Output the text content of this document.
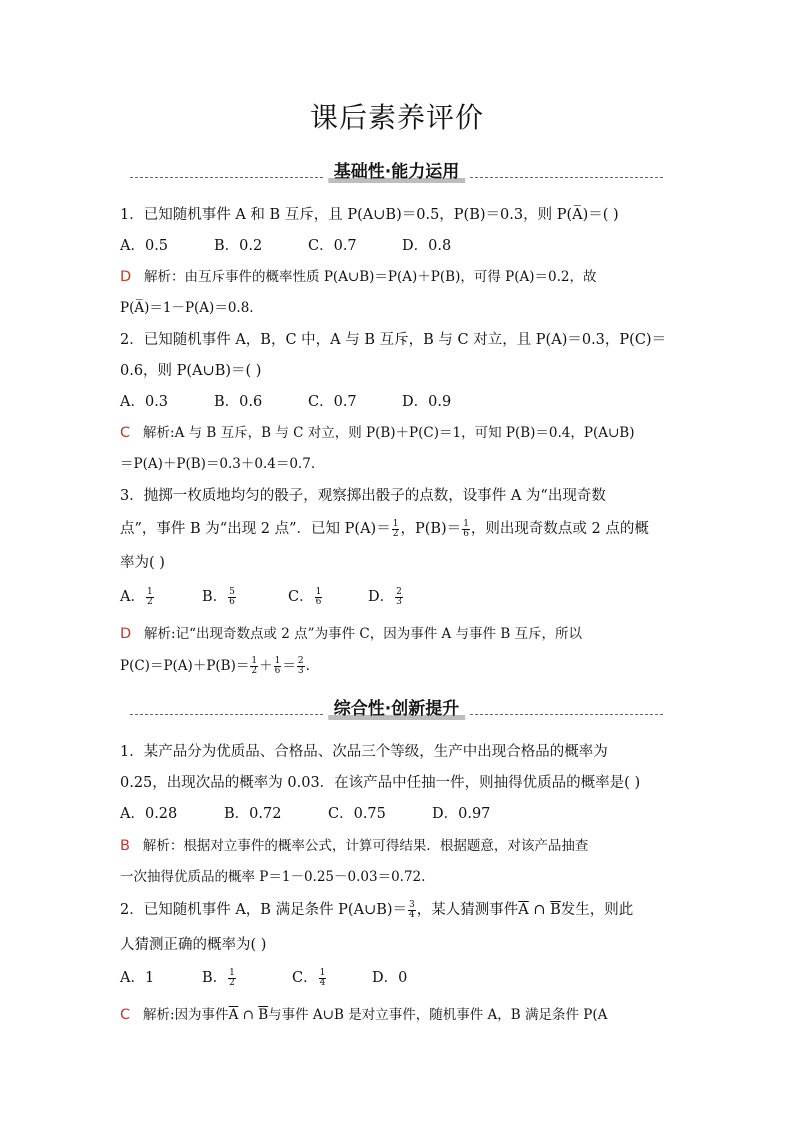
课后素养评价
基础性·能力运用
1．已知随机事件 A 和 B 互斥，且 P(A∪B)＝0.5，P(B)＝0.3，则 P(A̅)＝( )
A．0.5	B．0.2	C．0.7	D．0.8
D 解析：由互斥事件的概率性质 P(A∪B)＝P(A)＋P(B)，可得 P(A)＝0.2，故
P(A̅)＝1－P(A)＝0.8.
2．已知随机事件 A，B，C 中，A 与 B 互斥，B 与 C 对立，且 P(A)＝0.3，P(C)＝
0.6，则 P(A∪B)＝( )
A．0.3	B．0.6	C．0.7	D．0.9
C 解析:A 与 B 互斥，B 与 C 对立，则 P(B)＋P(C)＝1，可知 P(B)＝0.4，P(A∪B)
＝P(A)＋P(B)＝0.3＋0.4＝0.7.
3．抛掷一枚质地均匀的骰子，观察掷出骰子的点数，设事件 A 为“出现奇数
点”，事件 B 为“出现 2 点”．已知 $P(A)= \frac{1}{2}$ ，$P(B)= \frac{1}{6}$ ，则出现奇数点或 2 点的概
率为( )
A． $\frac{1}{2}$	B． $\frac{5}{6}$	C． $\frac{1}{6}$	D． $\frac{2}{3}$
D 解析:记“出现奇数点或 2 点”为事件 C，因为事件 A 与事件 B 互斥，所以
$P(C)=P(A)+P(B)= \frac{1}{2} + \frac{1}{6} = \frac{2}{3}$ .
综合性·创新提升
1．某产品分为优质品、合格品、次品三个等级，生产中出现合格品的概率为
0.25，出现次品的概率为 0.03．在该产品中任抽一件，则抽得优质品的概率是( )
A．0.28	B．0.72	C．0.75	D．0.97
B 解析：根据对立事件的概率公式，计算可得结果．根据题意，对该产品抽查
一次抽得优质品的概率 P＝1－0.25－0.03＝0.72.
2．已知随机事件 A，B 满足条件 P(A∪B)＝ $\frac{3}{4}$ ，某人猜测事件$\overline{A}$ ∩ $\overline{B}$发生，则此
人猜测正确的概率为( )
A．1	B． $\frac{1}{2}$	C． $\frac{1}{4}$	D．0
C 解析:因为事件$\overline{A}$ ∩ $\overline{B}$与事件 A∪B 是对立事件，随机事件 A，B 满足条件 P(A
